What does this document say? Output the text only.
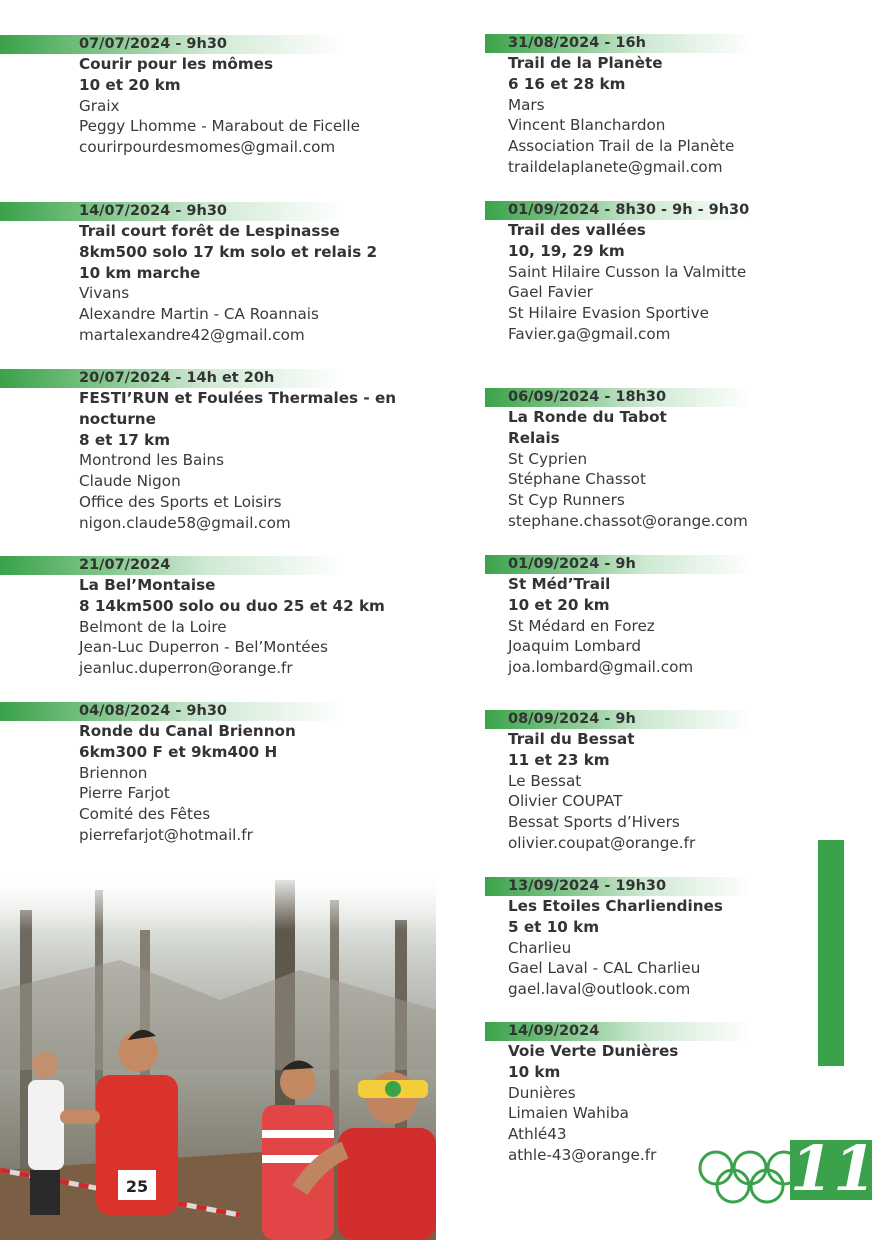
07/07/2024 - 9h30
Courir pour les mômes
10 et 20 km
Graix
Peggy Lhomme - Marabout de Ficelle
courirpourdesmomes@gmail.com
14/07/2024 - 9h30
Trail court forêt de Lespinasse
8km500 solo 17 km solo et relais 2
10 km marche
Vivans
Alexandre Martin - CA Roannais
martalexandre42@gmail.com
20/07/2024 - 14h et 20h
FESTI’RUN et Foulées Thermales - en
nocturne
8 et 17 km
Montrond les Bains
Claude Nigon
Office des Sports et Loisirs
nigon.claude58@gmail.com
21/07/2024
La Bel’Montaise
8 14km500 solo ou duo 25 et 42 km
Belmont de la Loire
Jean-Luc Duperron - Bel’Montées
jeanluc.duperron@orange.fr
04/08/2024 - 9h30
Ronde du Canal Briennon
6km300 F et 9km400 H
Briennon
Pierre Farjot
Comité des Fêtes
pierrefarjot@hotmail.fr
31/08/2024 - 16h
Trail de la Planète
6 16 et 28 km
Mars
Vincent Blanchardon
Association Trail de la Planète
traildelaplanete@gmail.com
01/09/2024 - 8h30 - 9h - 9h30
Trail des vallées
10, 19, 29 km
Saint Hilaire Cusson la Valmitte
Gael Favier
St Hilaire Evasion Sportive
Favier.ga@gmail.com
06/09/2024 - 18h30
La Ronde du Tabot
Relais
St Cyprien
Stéphane Chassot
St Cyp Runners
stephane.chassot@orange.com
01/09/2024 - 9h
St Méd’Trail
10 et 20 km
St Médard en Forez
Joaquim Lombard
joa.lombard@gmail.com
08/09/2024 - 9h
Trail du Bessat
11 et 23 km
Le Bessat
Olivier COUPAT
Bessat Sports d’Hivers
olivier.coupat@orange.fr
13/09/2024 - 19h30
Les Etoiles Charliendines
5 et 10 km
Charlieu
Gael Laval - CAL Charlieu
gael.laval@outlook.com
14/09/2024
Voie Verte Dunières
10 km
Dunières
Limaien Wahiba
Athlé43
athle-43@orange.fr
25	11
